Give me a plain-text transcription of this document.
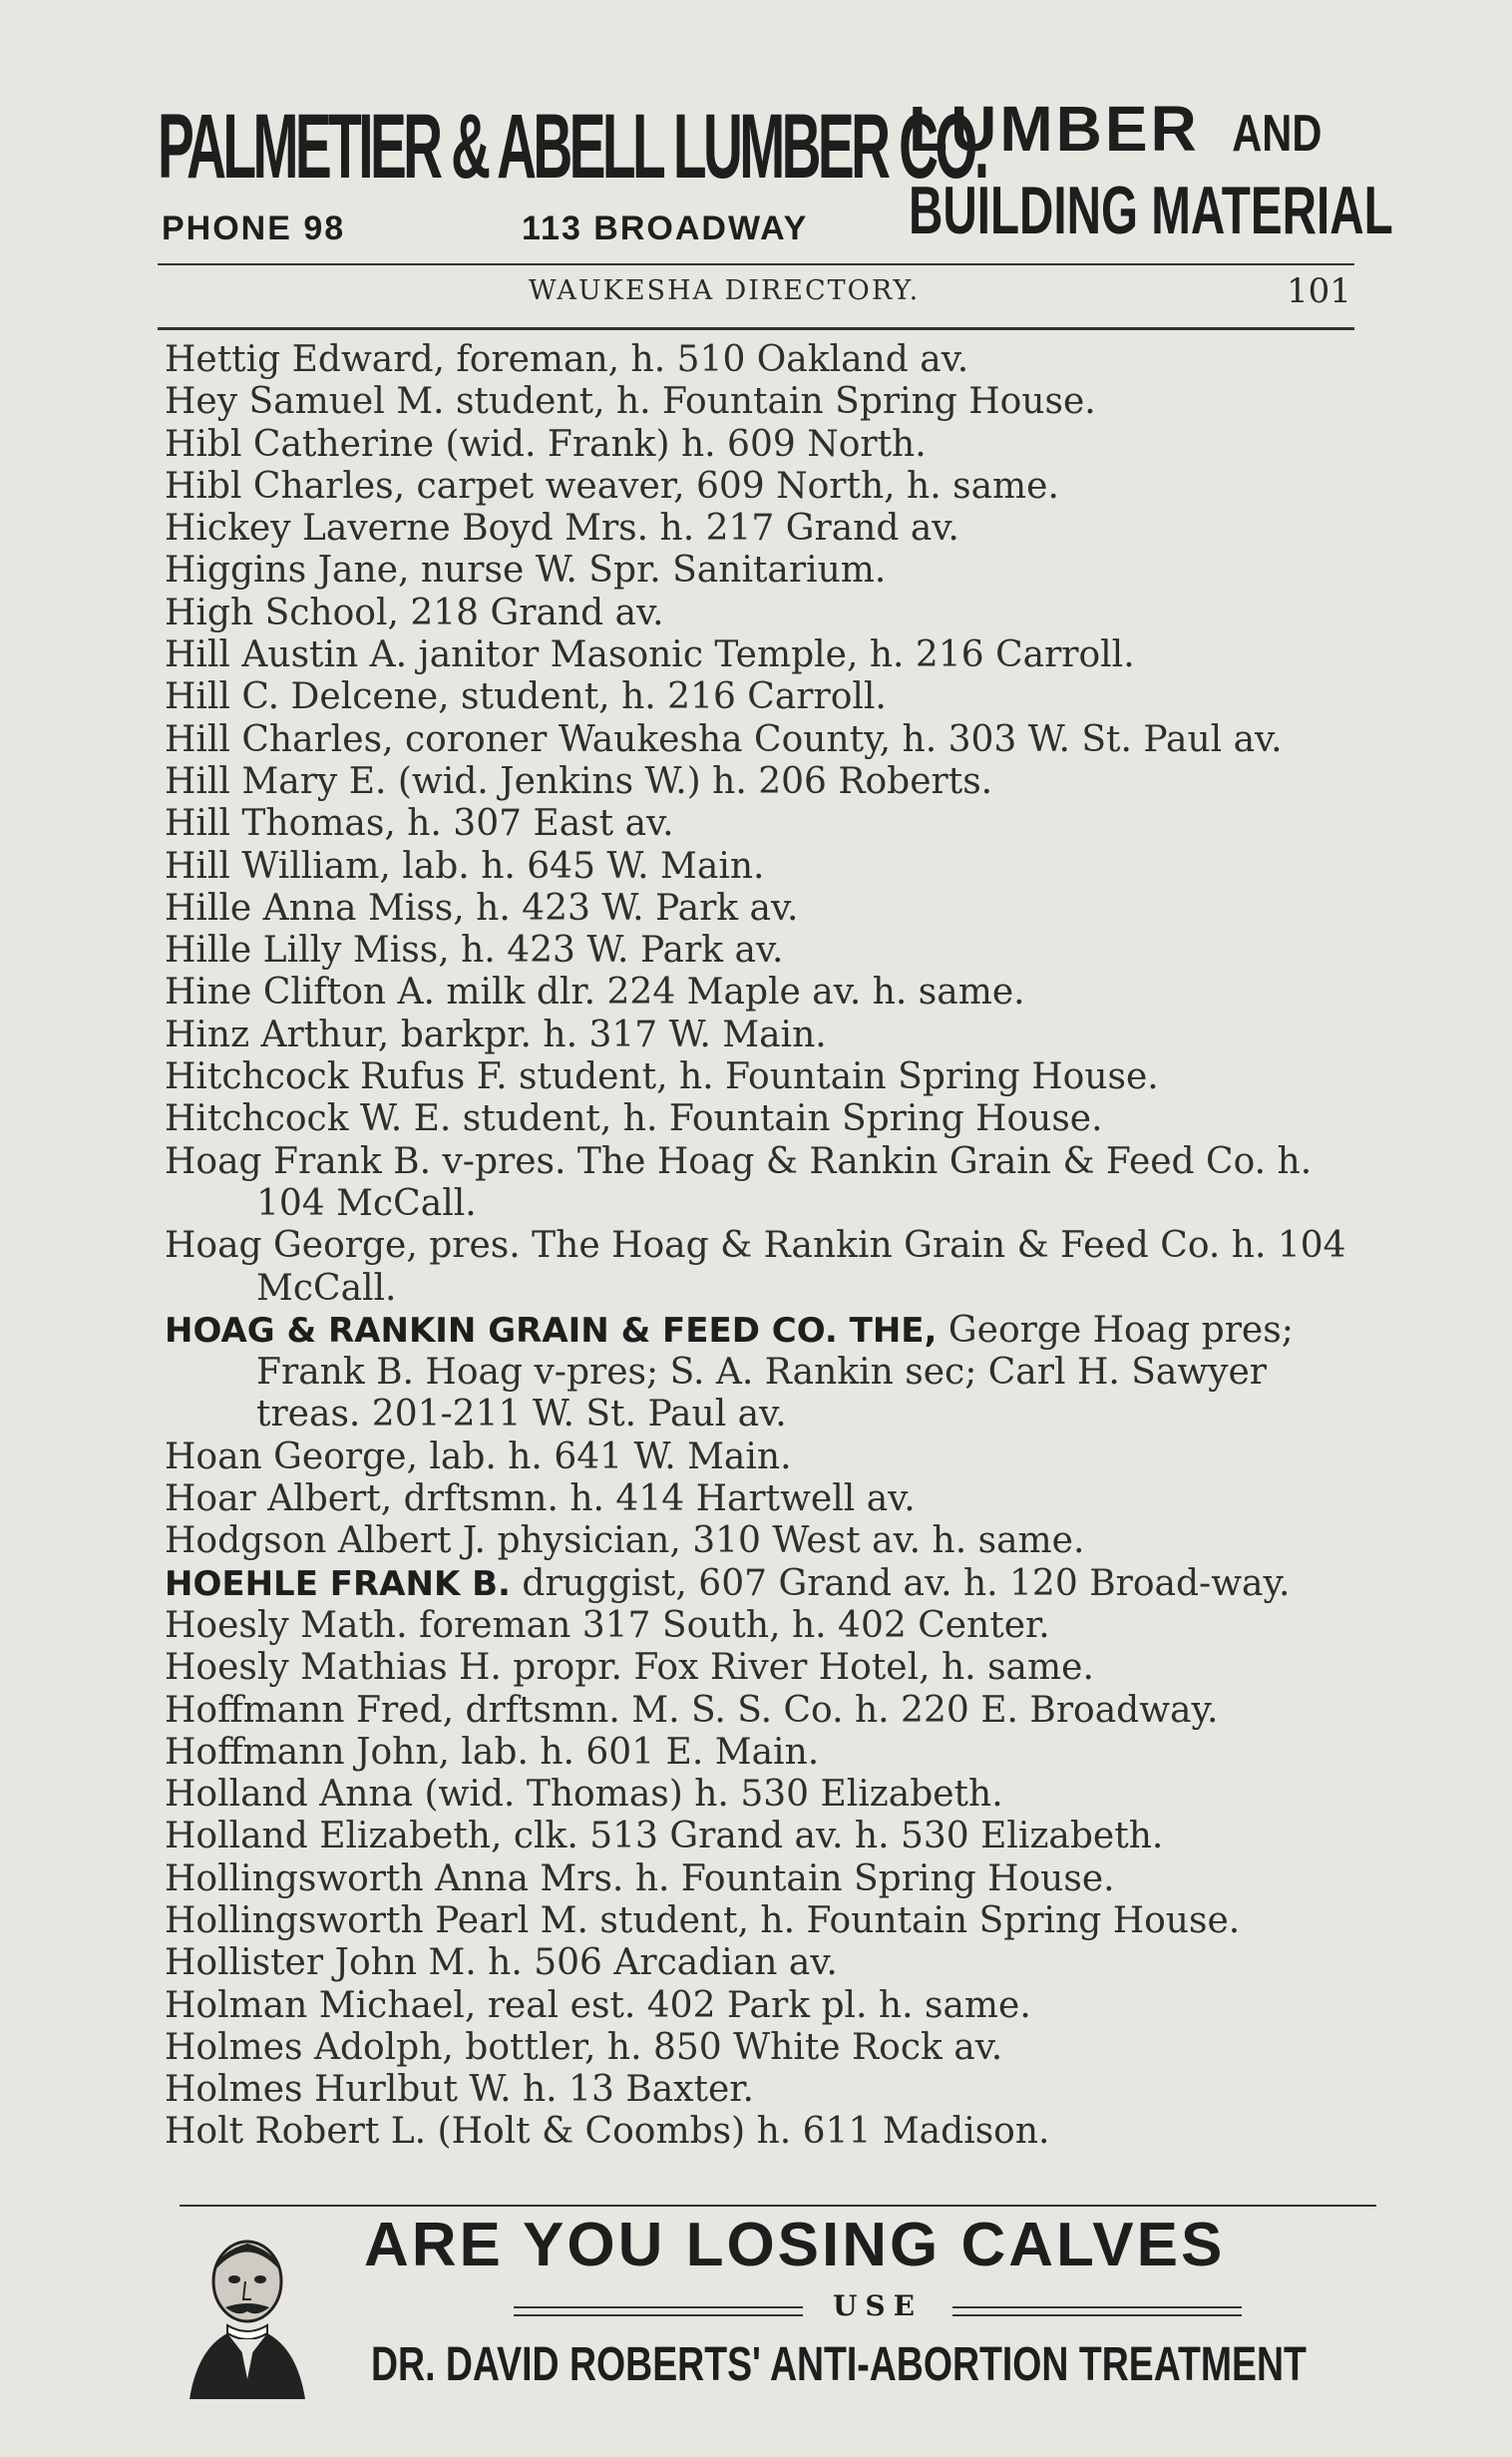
PALMETIER & ABELL LUMBER CO.
PHONE 98	113 BROADWAY
LUMBER AND
BUILDING MATERIAL
WAUKESHA DIRECTORY.	101
Hettig Edward, foreman, h. 510 Oakland av.
Hey Samuel M. student, h. Fountain Spring House.
Hibl Catherine (wid. Frank) h. 609 North.
Hibl Charles, carpet weaver, 609 North, h. same.
Hickey Laverne Boyd Mrs. h. 217 Grand av.
Higgins Jane, nurse W. Spr. Sanitarium.
High School, 218 Grand av.
Hill Austin A. janitor Masonic Temple, h. 216 Carroll.
Hill C. Delcene, student, h. 216 Carroll.
Hill Charles, coroner Waukesha County, h. 303 W. St. Paul av.
Hill Mary E. (wid. Jenkins W.) h. 206 Roberts.
Hill Thomas, h. 307 East av.
Hill William, lab. h. 645 W. Main.
Hille Anna Miss, h. 423 W. Park av.
Hille Lilly Miss, h. 423 W. Park av.
Hine Clifton A. milk dlr. 224 Maple av. h. same.
Hinz Arthur, barkpr. h. 317 W. Main.
Hitchcock Rufus F. student, h. Fountain Spring House.
Hitchcock W. E. student, h. Fountain Spring House.
Hoag Frank B. v-pres. The Hoag & Rankin Grain & Feed Co. h. 104 McCall.
Hoag George, pres. The Hoag & Rankin Grain & Feed Co. h. 104 McCall.
HOAG & RANKIN GRAIN & FEED CO. THE, George Hoag pres; Frank B. Hoag v-pres; S. A. Rankin sec; Carl H. Sawyer treas. 201-211 W. St. Paul av.
Hoan George, lab. h. 641 W. Main.
Hoar Albert, drftsmn. h. 414 Hartwell av.
Hodgson Albert J. physician, 310 West av. h. same.
HOEHLE FRANK B. druggist, 607 Grand av. h. 120 Broad-way.
Hoesly Math. foreman 317 South, h. 402 Center.
Hoesly Mathias H. propr. Fox River Hotel, h. same.
Hoffmann Fred, drftsmn. M. S. S. Co. h. 220 E. Broadway.
Hoffmann John, lab. h. 601 E. Main.
Holland Anna (wid. Thomas) h. 530 Elizabeth.
Holland Elizabeth, clk. 513 Grand av. h. 530 Elizabeth.
Hollingsworth Anna Mrs. h. Fountain Spring House.
Hollingsworth Pearl M. student, h. Fountain Spring House.
Hollister John M. h. 506 Arcadian av.
Holman Michael, real est. 402 Park pl. h. same.
Holmes Adolph, bottler, h. 850 White Rock av.
Holmes Hurlbut W. h. 13 Baxter.
Holt Robert L. (Holt & Coombs) h. 611 Madison.
ARE YOU LOSING CALVES
USE
DR. DAVID ROBERTS' ANTI-ABORTION TREATMENT
